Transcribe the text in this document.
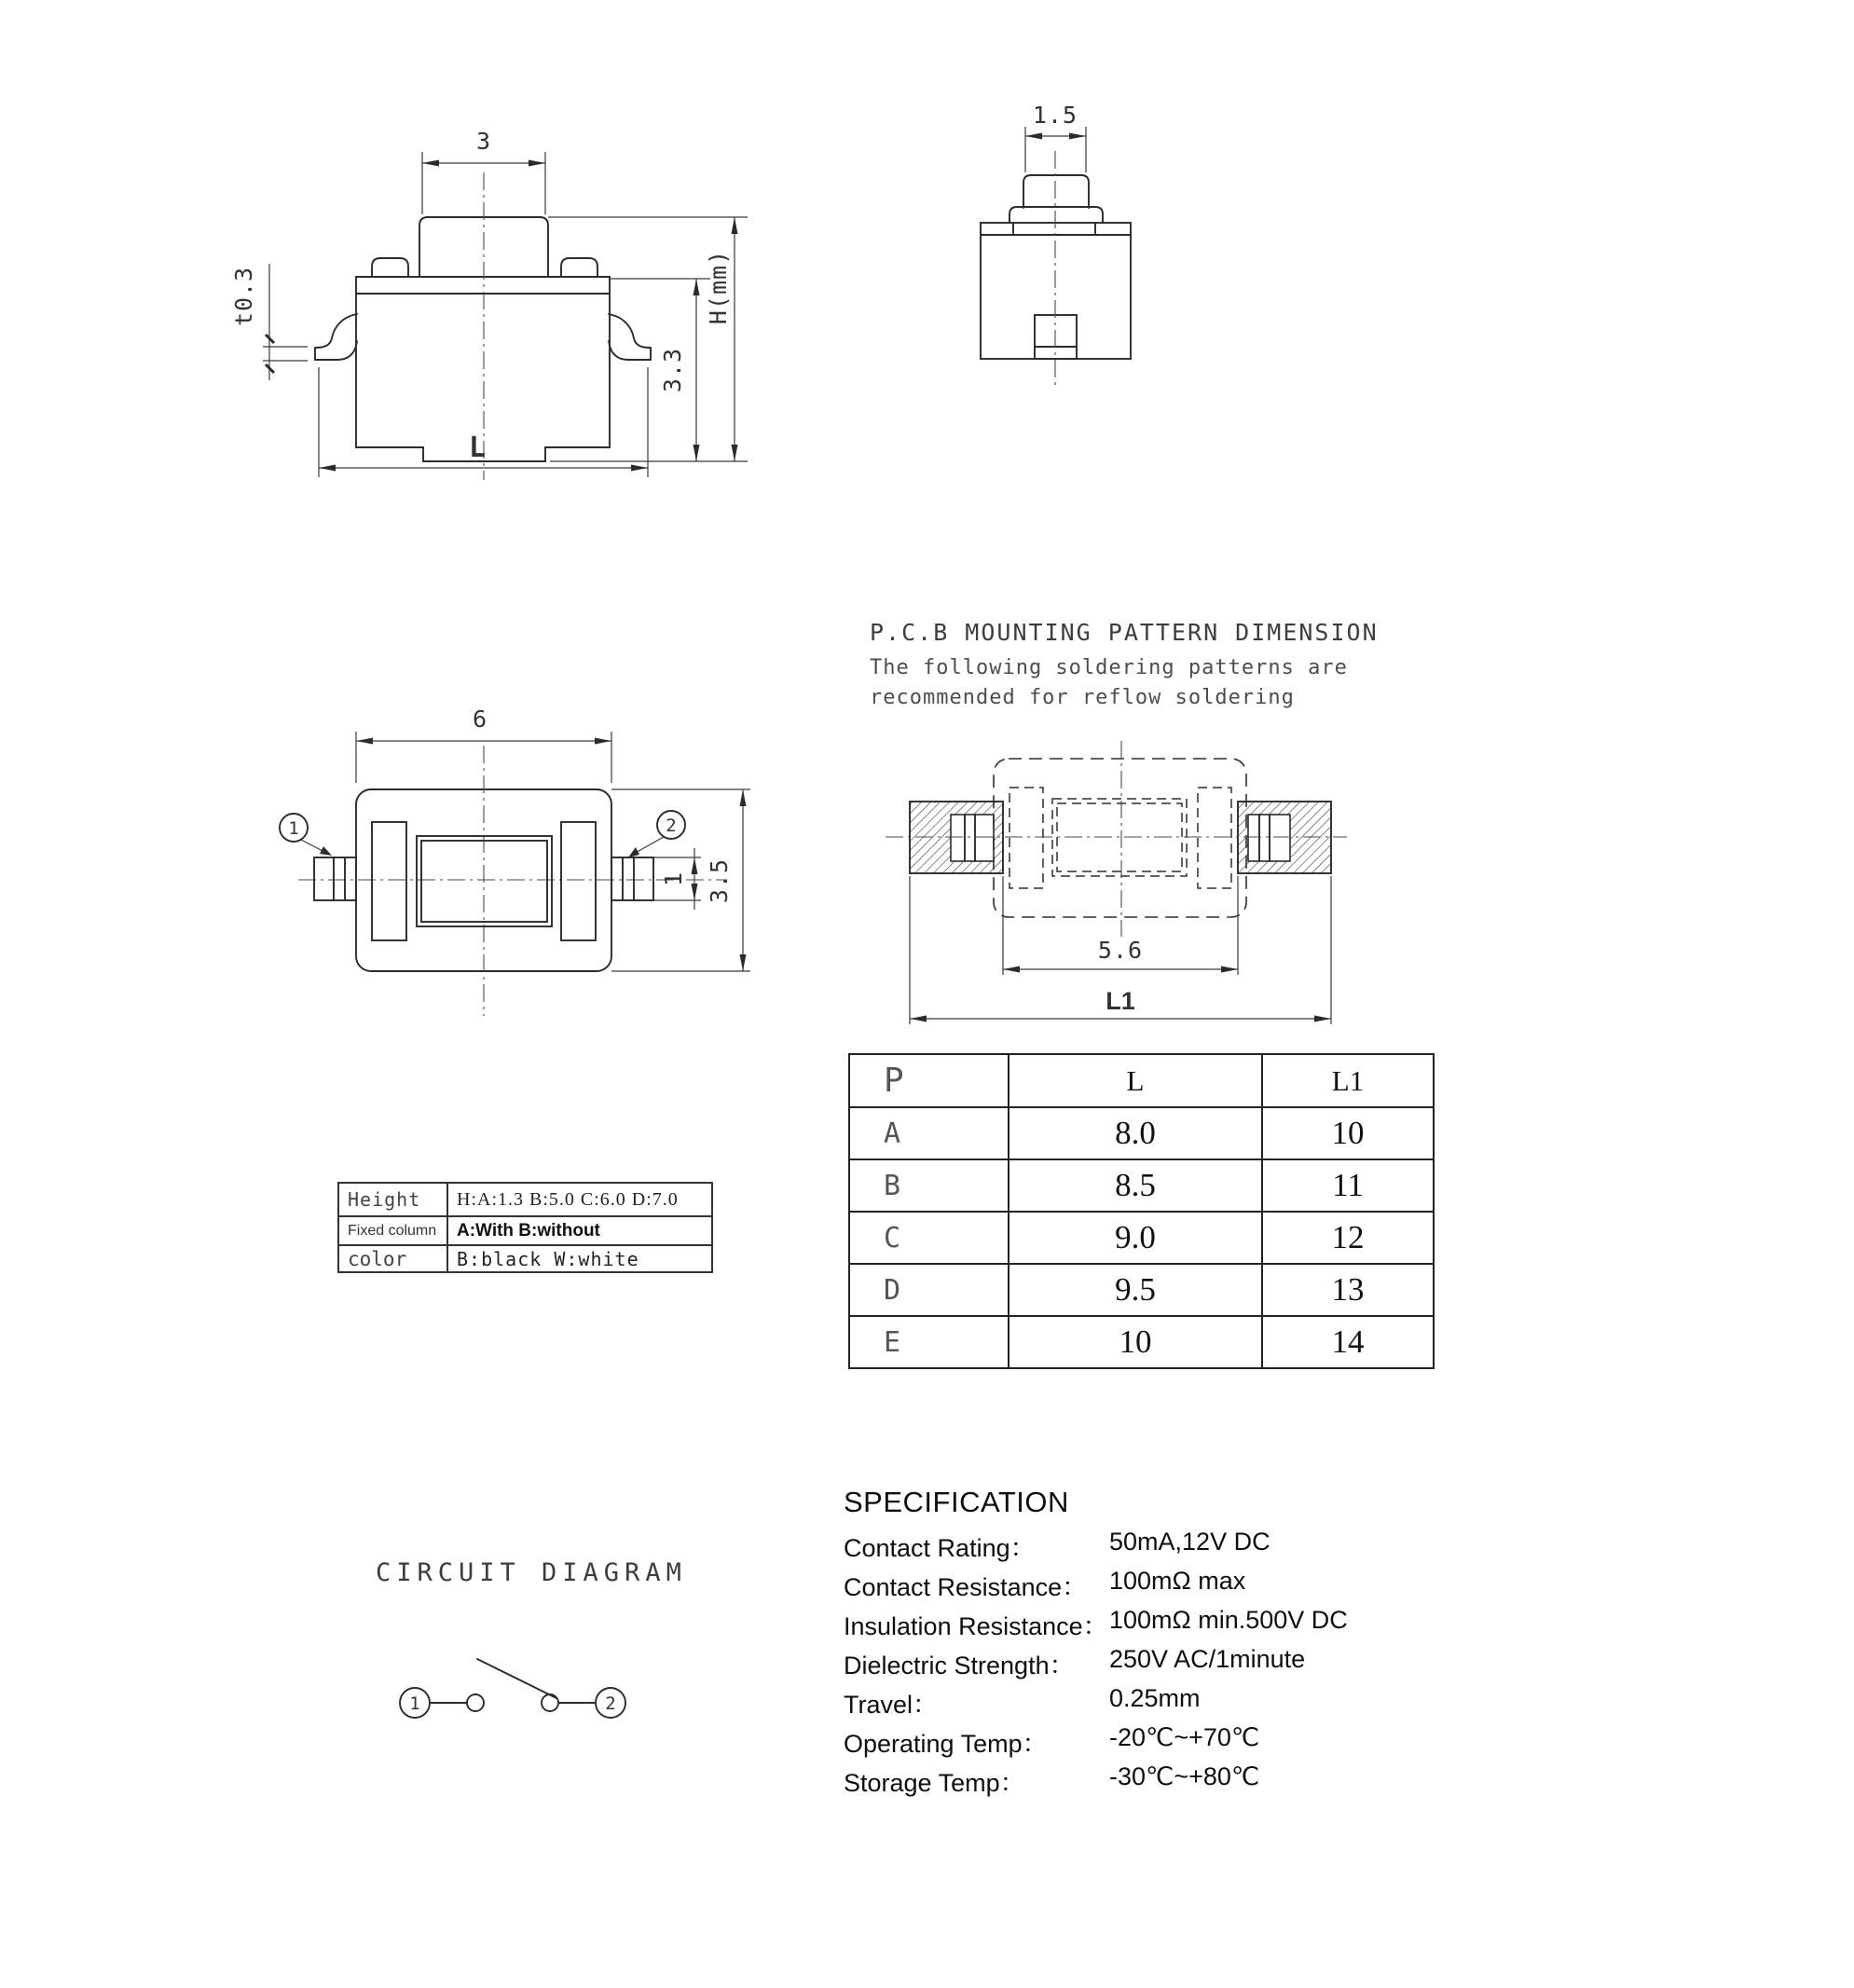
3
t0.3
3.3
H(mm)
L
1.5
P.C.B MOUNTING PATTERN DIMENSION
The following soldering patterns are
recommended for reflow soldering
6
1	2
1 3.5
5.6
L1
Height	H:A:1.3 B:5.0 C:6.0 D:7.0
Fixed column	A:With B:without
color	B:black W:white
P	L	L1
A	8.0	10
B	8.5	11
C	9.0	12
D	9.5	13
E	10	14
CIRCUIT DIAGRAM
1	2
SPECIFICATION
Contact Rating：	50mA,12V DC
Contact Resistance： 100mΩ max
Insulation Resistance： 100mΩ min.500V DC
Dielectric Strength： 250V AC/1minute
Travel：	0.25mm
Operating Temp： -20℃~+70℃
Storage Temp：	-30℃~+80℃
